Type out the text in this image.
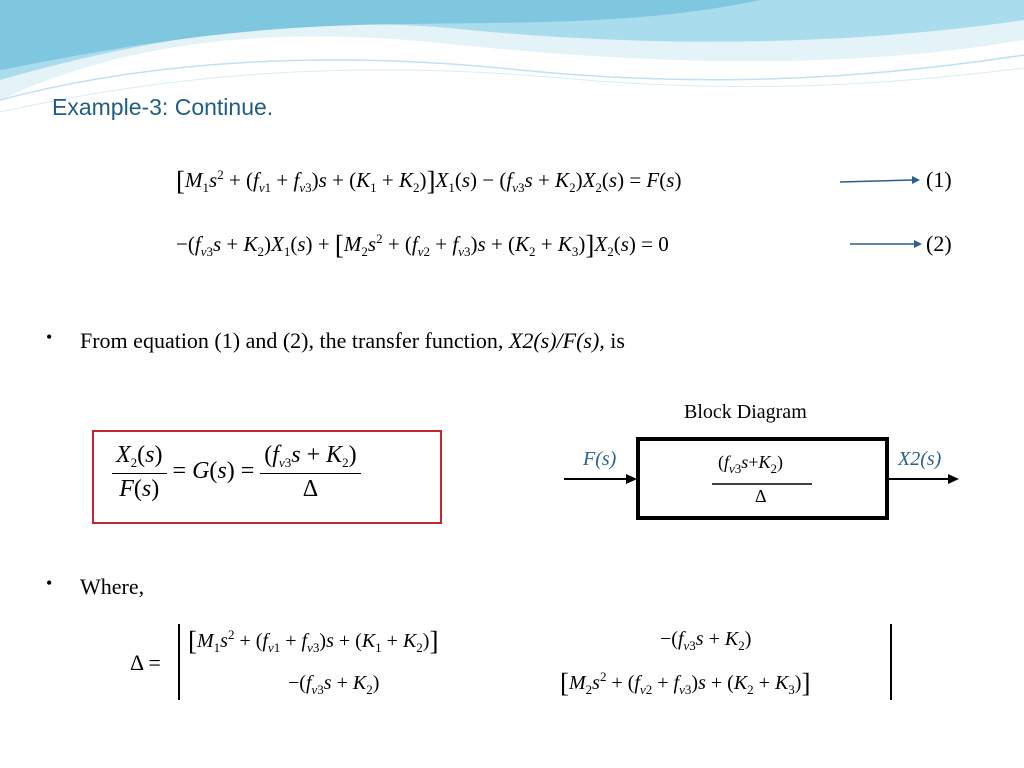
Example-3: Continue.
$[M_1s^2 + (f_{v1} + f_{v3})s + (K_1 + K_2)]X_1(s) - (f_{v3}s + K_2)X_2(s) = F(s)$	(1)
$-(f_{v3}s + K_2)X_1(s) + [M_2s^2 + (f_{v2} + f_{v3})s + (K_2 + K_3)]X_2(s) = 0$	(2)
• From equation (1) and (2), the transfer function, X2(s)/F(s), is
$\frac{X_2(s)}{F(s)} = G(s) = \frac{(f_{v3}s + K_2)}{\Delta}$
Block Diagram
F(s)	X2(s)
$(f_{v3}s+K_2)$
Δ
• Where,
Δ =
$[M_1s^2 + (f_{v1} + f_{v3})s + (K_1 + K_2)]$	$-(f_{v3}s + K_2)$
$-(f_{v3}s + K_2)$	$[M_2s^2 + (f_{v2} + f_{v3})s + (K_2 + K_3)]$
